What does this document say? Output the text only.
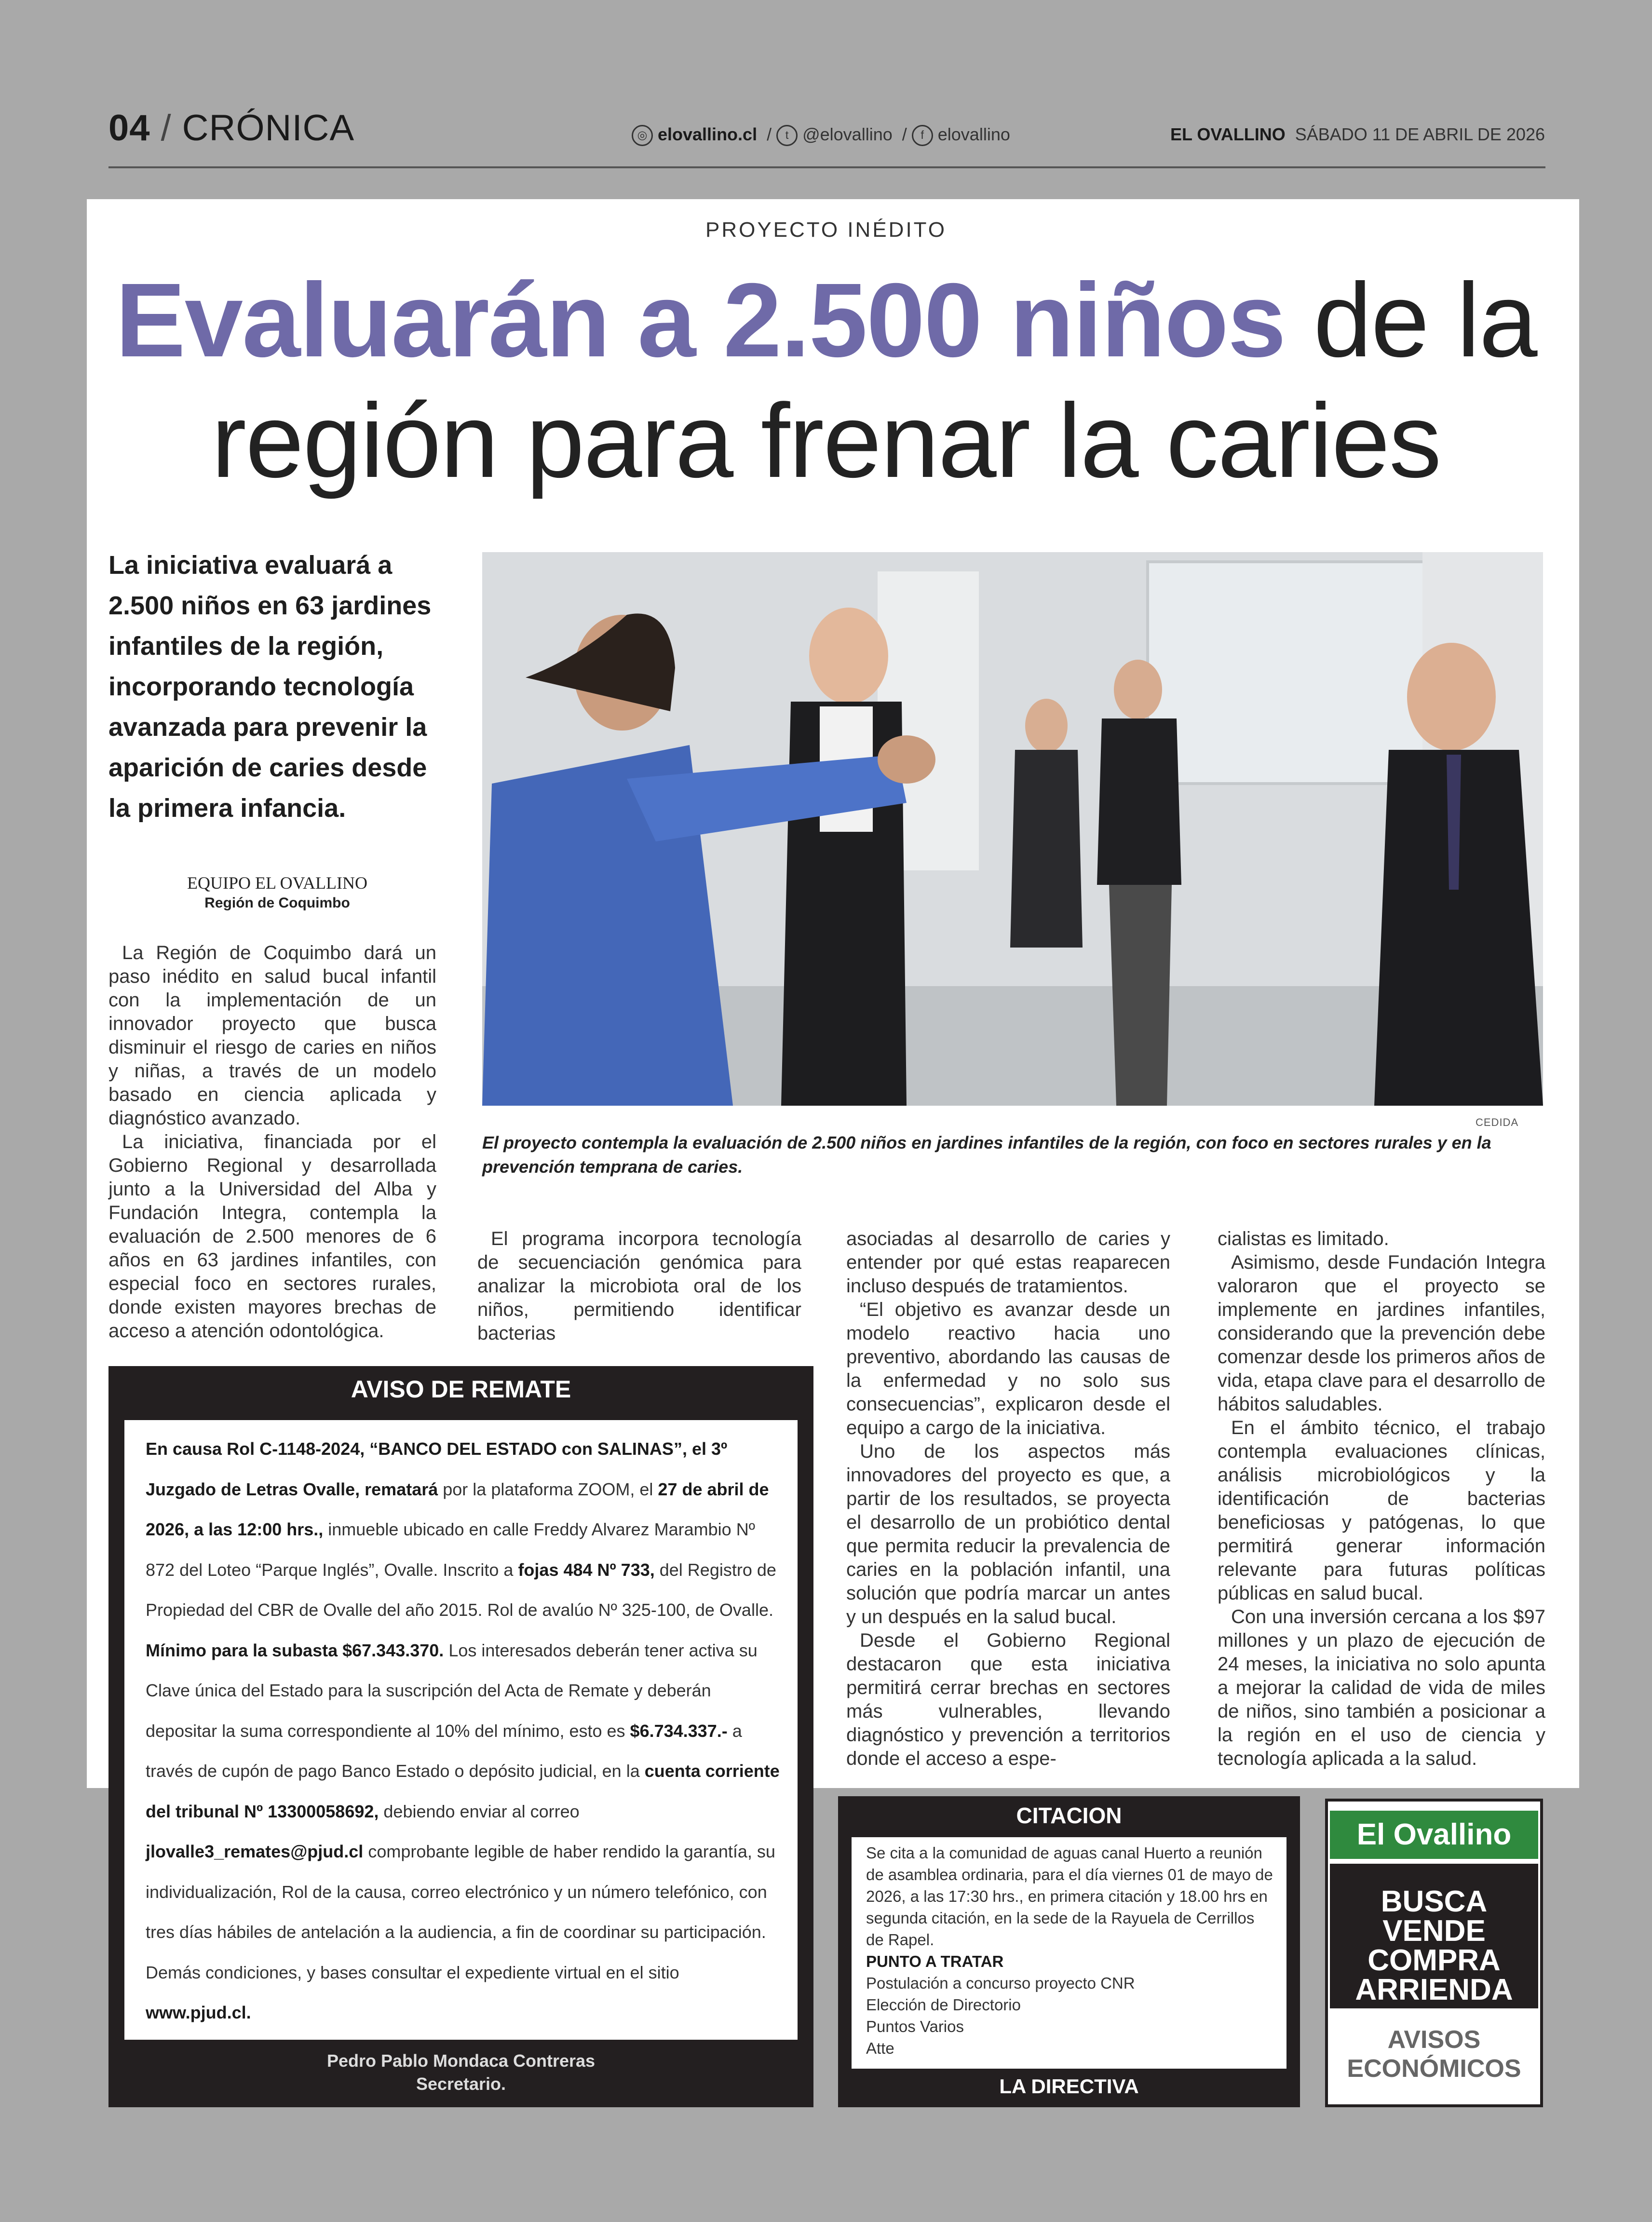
04 / CRÓNICA	◎ elovallino.cl  / t @elovallino  / f elovallino	EL OVALLINO SÁBADO 11 DE ABRIL DE 2026
PROYECTO INÉDITO
Evaluarán a 2.500 niños de la
región para frenar la caries
La iniciativa evaluará a 2.500 niños en 63 jardines infantiles de la región, incorporando tecnología avanzada para prevenir la aparición de caries desde la primera infancia.
EQUIPO EL OVALLINO
Región de Coquimbo

La Región de Coquimbo dará un paso inédito en salud bucal infantil con la implementación de un innovador proyecto que busca disminuir el riesgo de caries en niños y niñas, a través de un modelo basado en ciencia aplicada y diagnóstico avanzado.

La iniciativa, financiada por el Gobierno Regional y desarrollada junto a la Universidad del Alba y Fundación Integra, contempla la evaluación de 2.500 menores de 6 años en 63 jardines infantiles, con especial foco en sectores rurales, donde existen mayores brechas de acceso a atención odontológica.

CEDIDA
El proyecto contempla la evaluación de 2.500 niños en jardines infantiles de la región, con foco en sectores rurales y en la prevención temprana de caries.

El programa incorpora tecnología de secuenciación genómica para analizar la microbiota oral de los niños, permitiendo identificar bacterias

asociadas al desarrollo de caries y entender por qué estas reaparecen incluso después de tratamientos.

“El objetivo es avanzar desde un modelo reactivo hacia uno preventivo, abordando las causas de la enfermedad y no solo sus consecuencias”, explicaron desde el equipo a cargo de la iniciativa.

Uno de los aspectos más innovadores del proyecto es que, a partir de los resultados, se proyecta el desarrollo de un probiótico dental que permita reducir la prevalencia de caries en la población infantil, una solución que podría marcar un antes y un después en la salud bucal.

Desde el Gobierno Regional destacaron que esta iniciativa permitirá cerrar brechas en sectores más vulnerables, llevando diagnóstico y prevención a territorios donde el acceso a espe-

cialistas es limitado.

Asimismo, desde Fundación Integra valoraron que el proyecto se implemente en jardines infantiles, considerando que la prevención debe comenzar desde los primeros años de vida, etapa clave para el desarrollo de hábitos saludables.

En el ámbito técnico, el trabajo contempla evaluaciones clínicas, análisis microbiológicos y la identificación de bacterias beneficiosas y patógenas, lo que permitirá generar información relevante para futuras políticas públicas en salud bucal.

Con una inversión cercana a los $97 millones y un plazo de ejecución de 24 meses, la iniciativa no solo apunta a mejorar la calidad de vida de miles de niños, sino también a posicionar a la región en el uso de ciencia y tecnología aplicada a la salud.

AVISO DE REMATE
En causa Rol C-1148-2024, “BANCO DEL ESTADO con SALINAS”, el 3º Juzgado de Letras Ovalle, rematará por la plataforma ZOOM, el 27 de abril de 2026, a las 12:00 hrs., inmueble ubicado en calle Freddy Alvarez Marambio Nº 872 del Loteo “Parque Inglés”, Ovalle. Inscrito a fojas 484 Nº 733, del Registro de Propiedad del CBR de Ovalle del año 2015. Rol de avalúo Nº 325-100, de Ovalle. Mínimo para la subasta $67.343.370. Los interesados deberán tener activa su Clave única del Estado para la suscripción del Acta de Remate y deberán depositar la suma correspondiente al 10% del mínimo, esto es $6.734.337.- a través de cupón de pago Banco Estado o depósito judicial, en la cuenta corriente del tribunal Nº 13300058692, debiendo enviar al correo jlovalle3_remates@pjud.cl comprobante legible de haber rendido la garantía, su individualización, Rol de la causa, correo electrónico y un número telefónico, con tres días hábiles de antelación a la audiencia, a fin de coordinar su participación. Demás condiciones, y bases consultar el expediente virtual en el sitio www.pjud.cl.
Pedro Pablo Mondaca Contreras
Secretario.
CITACION
Se cita a la comunidad de aguas canal Huerto a reunión de asamblea ordinaria, para el día viernes 01 de mayo de 2026, a las 17:30 hrs., en primera citación y 18.00 hrs en segunda citación, en la sede de la Rayuela de Cerrillos de Rapel.
PUNTO A TRATAR
Postulación a concurso proyecto CNR
Elección de Directorio
Puntos Varios
Atte
LA DIRECTIVA
El Ovallino
BUSCA
VENDE
COMPRA
ARRIENDA
AVISOS
ECONÓMICOS
